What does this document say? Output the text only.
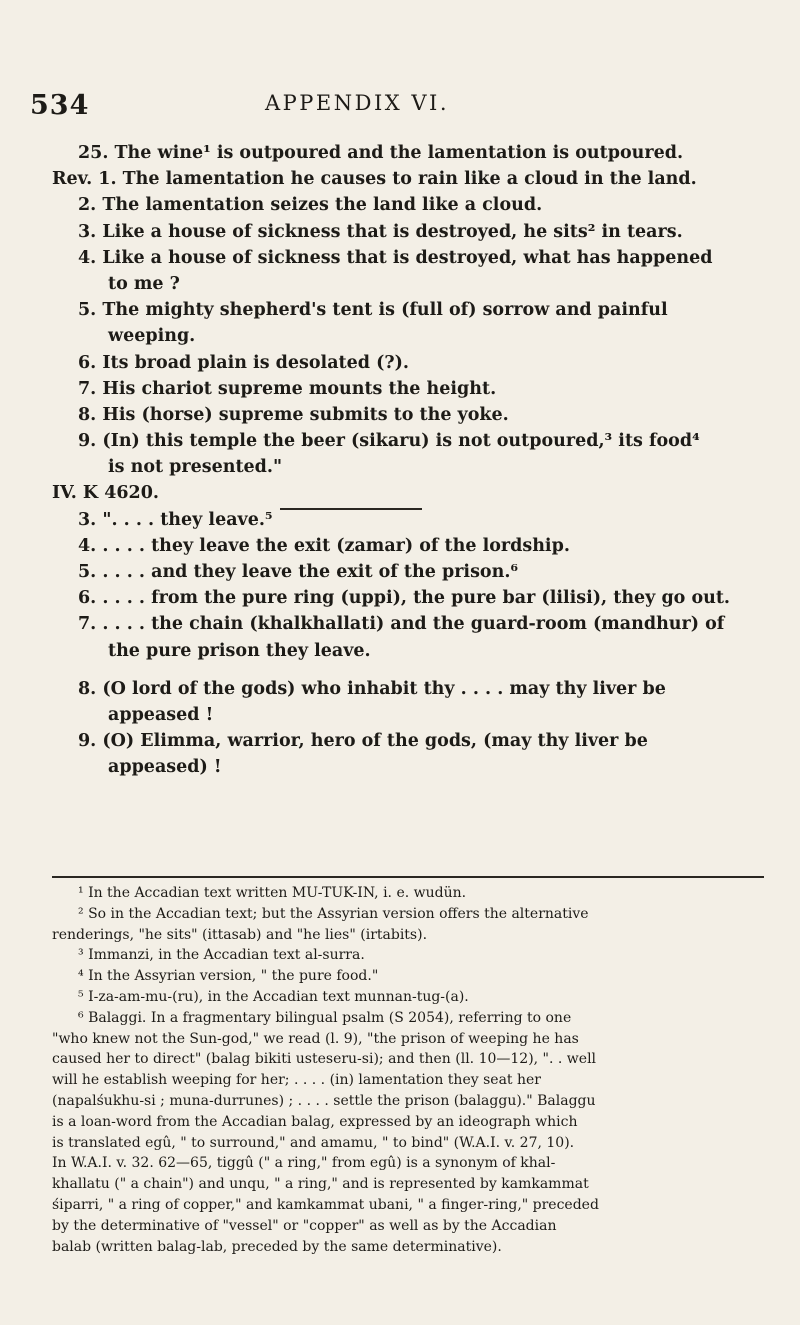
534	APPENDIX VI.
25. The wine¹ is outpoured and the lamentation is outpoured.
Rev. 1. The lamentation he causes to rain like a cloud in the land.
2. The lamentation seizes the land like a cloud.
3. Like a house of sickness that is destroyed, he sits² in tears.
4. Like a house of sickness that is destroyed, what has happened
to me ?
5. The mighty shepherd's tent is (full of) sorrow and painful
weeping.
6. Its broad plain is desolated (?).
7. His chariot supreme mounts the height.
8. His (horse) supreme submits to the yoke.
9. (In) this temple the beer (sikaru) is not outpoured,³ its food⁴
is not presented."
IV. K 4620.
3. ". . . . they leave.⁵
4. . . . . they leave the exit (zamar) of the lordship.
5. . . . . and they leave the exit of the prison.⁶
6. . . . . from the pure ring (uppi), the pure bar (lilisi), they go out.
7. . . . . the chain (khalkhallati) and the guard-room (mandhur) of
the pure prison they leave.
8. (O lord of the gods) who inhabit thy . . . . may thy liver be
appeased !
9. (O) Elimma, warrior, hero of the gods, (may thy liver be
appeased) !
¹ In the Accadian text written MU-TUK-IN, i. e. wudün.
² So in the Accadian text; but the Assyrian version offers the alternative
renderings, "he sits" (ittasab) and "he lies" (irtabits).
³ Immanzi, in the Accadian text al-surra.
⁴ In the Assyrian version, " the pure food."
⁵ I-za-am-mu-(ru), in the Accadian text munnan-tug-(a).
⁶ Balaggi. In a fragmentary bilingual psalm (S 2054), referring to one
"who knew not the Sun-god," we read (l. 9), "the prison of weeping he has
caused her to direct" (balag bikiti usteseru-si); and then (ll. 10—12), ". . well
will he establish weeping for her; . . . . (in) lamentation they seat her
(napalśukhu-si ; muna-durrunes) ; . . . . settle the prison (balaggu)." Balaggu
is a loan-word from the Accadian balag, expressed by an ideograph which
is translated egû, " to surround," and amamu, " to bind" (W.A.I. v. 27, 10).
In W.A.I. v. 32. 62—65, tiggû (" a ring," from egû) is a synonym of khal-
khallatu (" a chain") and unqu, " a ring," and is represented by kamkammat
śiparri, " a ring of copper," and kamkammat ubani, " a finger-ring," preceded
by the determinative of "vessel" or "copper" as well as by the Accadian
balab (written balag-lab, preceded by the same determinative).
